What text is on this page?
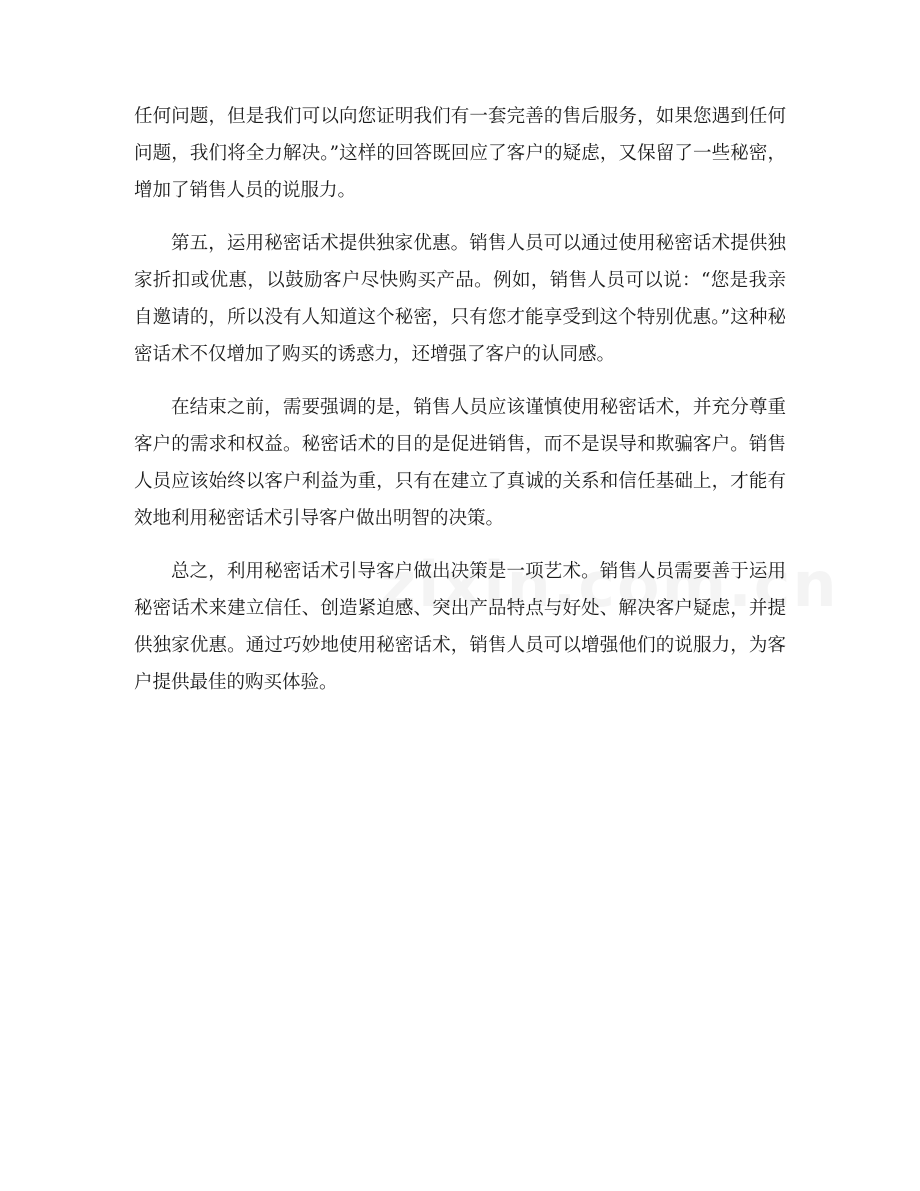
任何问题，但是我们可以向您证明我们有一套完善的售后服务，如果您遇到任何问题，我们将全力解决。”这样的回答既回应了客户的疑虑，又保留了一些秘密，增加了销售人员的说服力。

第五，运用秘密话术提供独家优惠。销售人员可以通过使用秘密话术提供独家折扣或优惠，以鼓励客户尽快购买产品。例如，销售人员可以说：“您是我亲自邀请的，所以没有人知道这个秘密，只有您才能享受到这个特别优惠。”这种秘密话术不仅增加了购买的诱惑力，还增强了客户的认同感。

在结束之前，需要强调的是，销售人员应该谨慎使用秘密话术，并充分尊重客户的需求和权益。秘密话术的目的是促进销售，而不是误导和欺骗客户。销售人员应该始终以客户利益为重，只有在建立了真诚的关系和信任基础上，才能有效地利用秘密话术引导客户做出明智的决策。

总之，利用秘密话术引导客户做出决策是一项艺术。销售人员需要善于运用秘密话术来建立信任、创造紧迫感、突出产品特点与好处、解决客户疑虑，并提供独家优惠。通过巧妙地使用秘密话术，销售人员可以增强他们的说服力，为客户提供最佳的购买体验。
